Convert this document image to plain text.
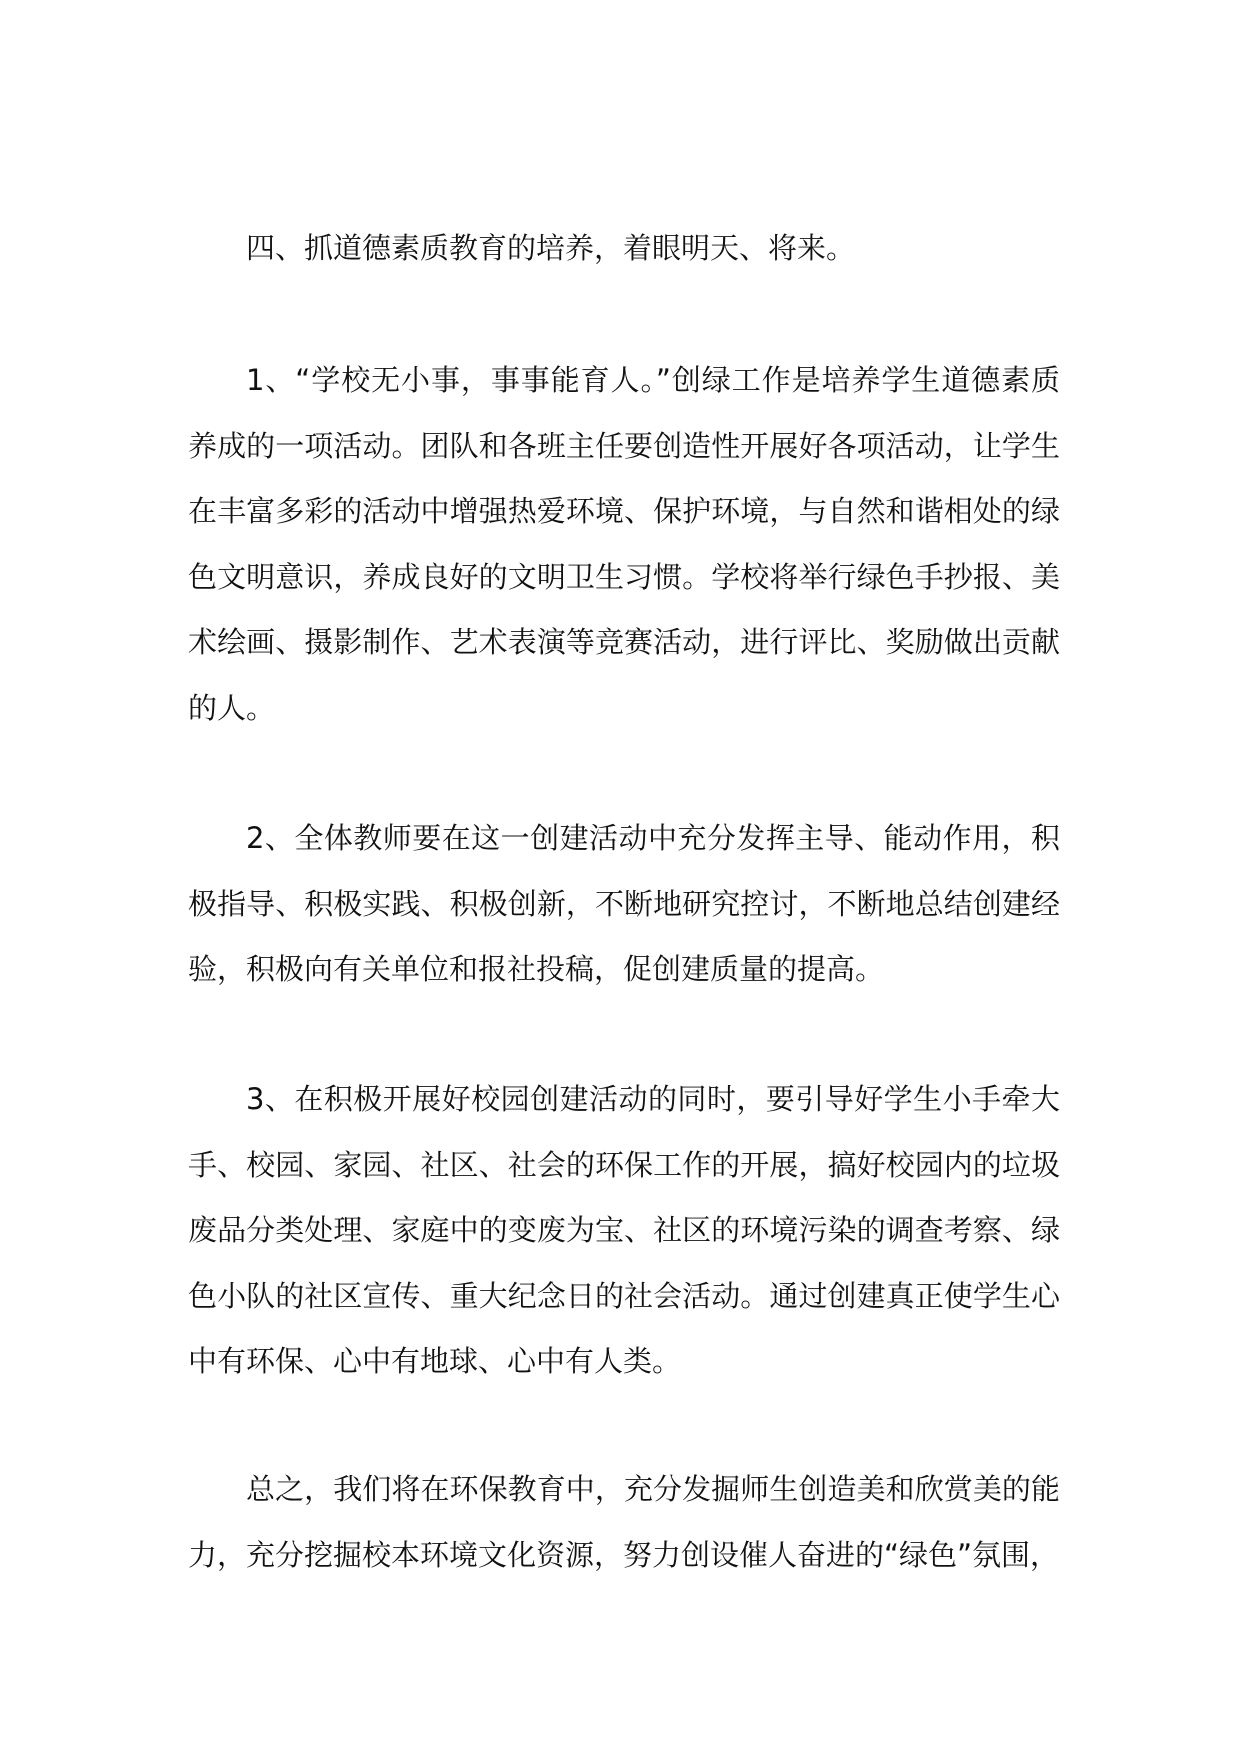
四、抓道德素质教育的培养，着眼明天、将来。

1、“学校无小事，事事能育人。”创绿工作是培养学生道德素质养成的一项活动。团队和各班主任要创造性开展好各项活动，让学生在丰富多彩的活动中增强热爱环境、保护环境，与自然和谐相处的绿色文明意识，养成良好的文明卫生习惯。学校将举行绿色手抄报、美术绘画、摄影制作、艺术表演等竞赛活动，进行评比、奖励做出贡献的人。

2、全体教师要在这一创建活动中充分发挥主导、能动作用，积极指导、积极实践、积极创新，不断地研究控讨，不断地总结创建经验，积极向有关单位和报社投稿，促创建质量的提高。

3、在积极开展好校园创建活动的同时，要引导好学生小手牵大手、校园、家园、社区、社会的环保工作的开展，搞好校园内的垃圾废品分类处理、家庭中的变废为宝、社区的环境污染的调查考察、绿色小队的社区宣传、重大纪念日的社会活动。通过创建真正使学生心中有环保、心中有地球、心中有人类。

总之，我们将在环保教育中，充分发掘师生创造美和欣赏美的能力，充分挖掘校本环境文化资源，努力创设催人奋进的“绿色”氛围，
